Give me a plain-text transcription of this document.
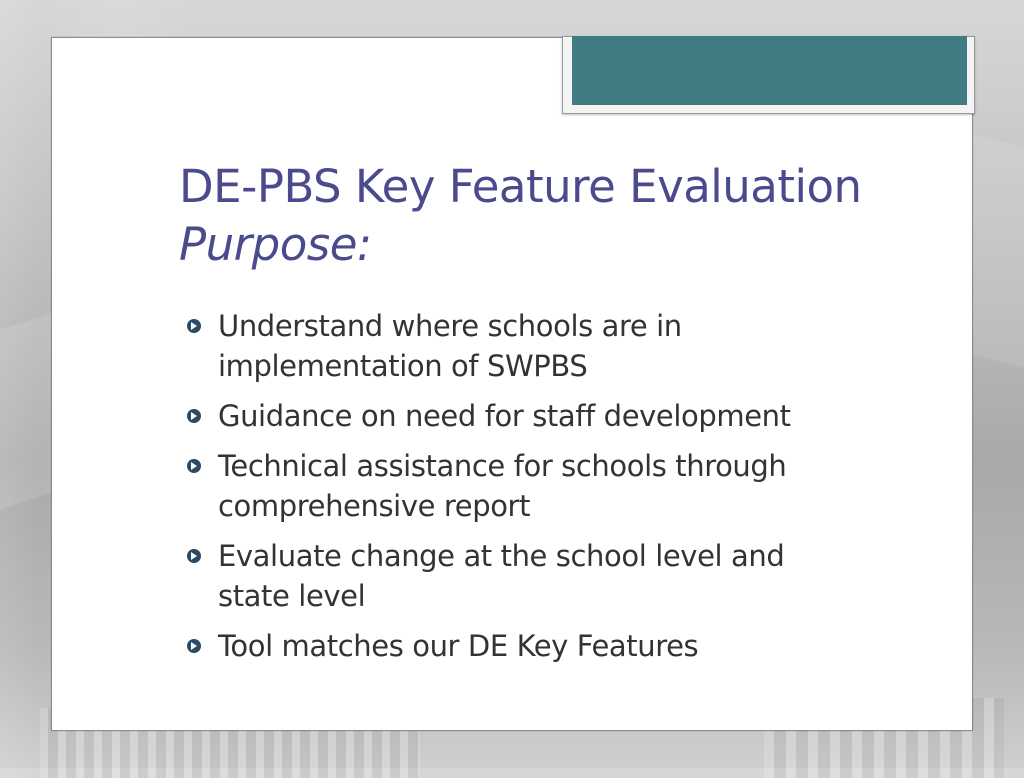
DE-PBS Key Feature Evaluation
Purpose:
Understand where schools are in
implementation of SWPBS
Guidance on need for staff development
Technical assistance for schools through
comprehensive report
Evaluate change at the school level and
state level
Tool matches our DE Key Features
